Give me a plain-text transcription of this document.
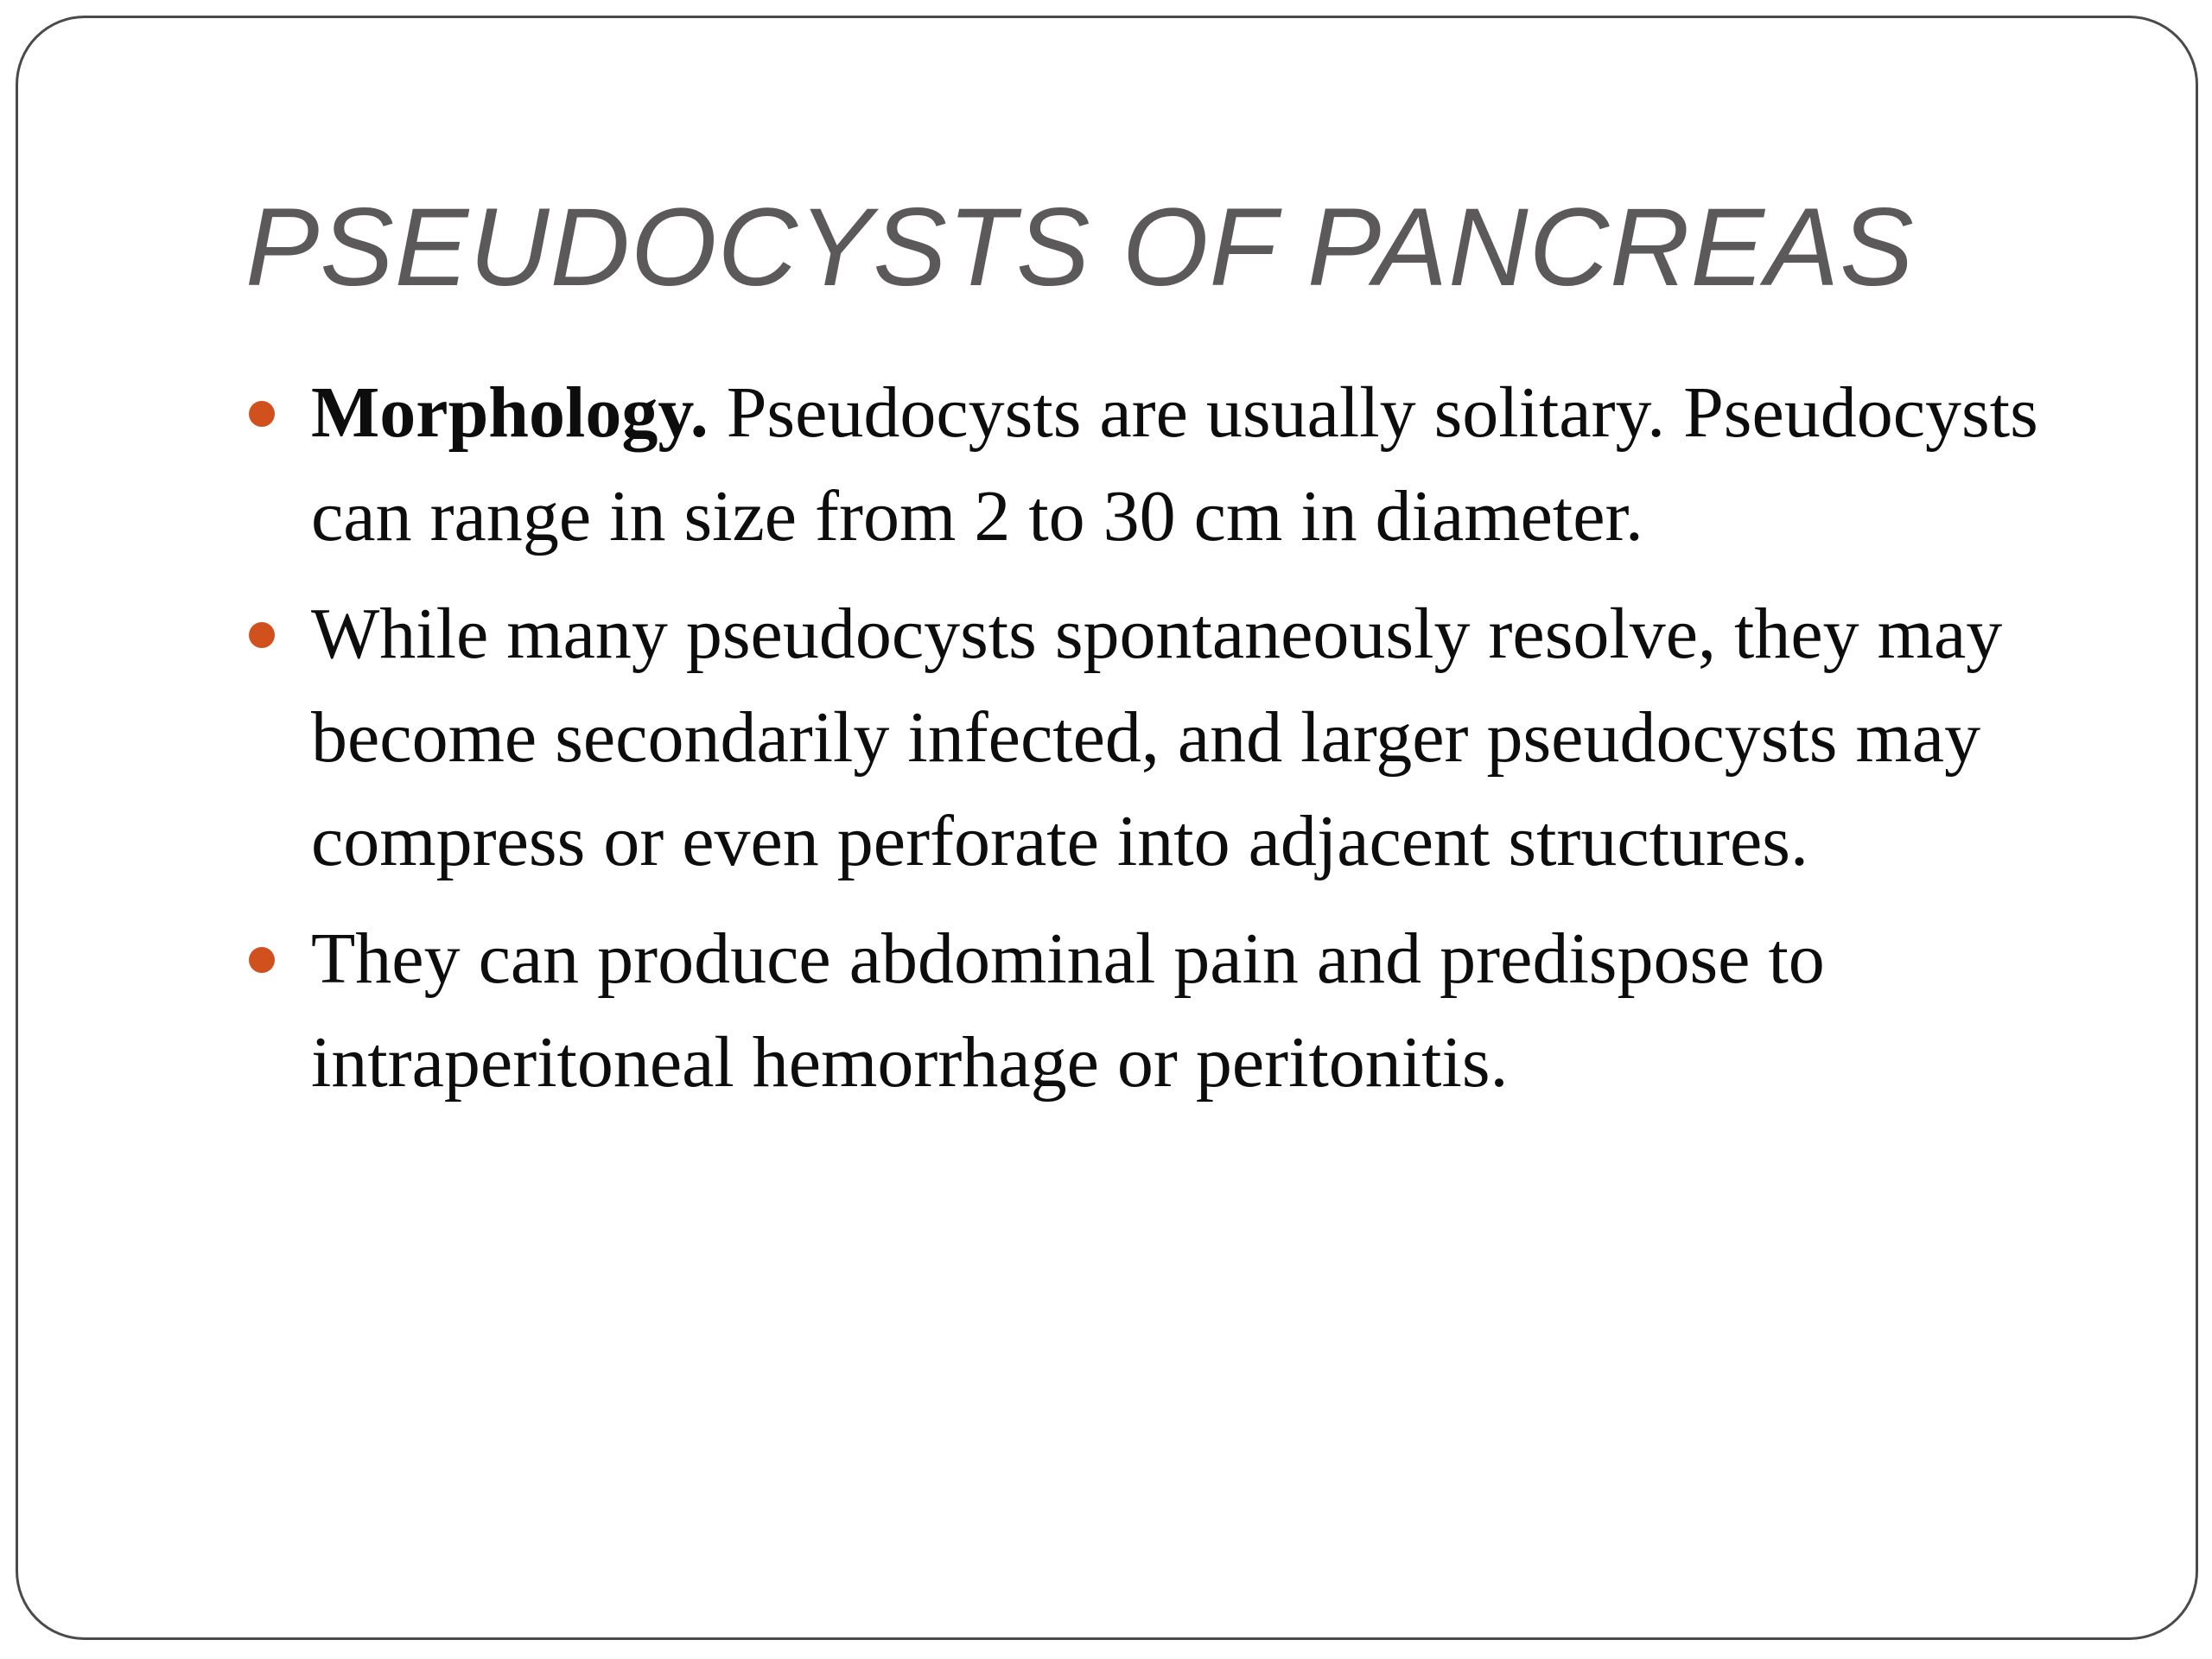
PSEUDOCYSTS OF PANCREAS
Morphology. Pseudocysts are usually solitary. Pseudocysts can range in size from 2 to 30 cm in diameter.
While many pseudocysts spontaneously resolve, they may become secondarily infected, and larger pseudocysts may compress or even perforate into adjacent structures.
They can produce abdominal pain and predispose to intraperitoneal hemorrhage or peritonitis.
